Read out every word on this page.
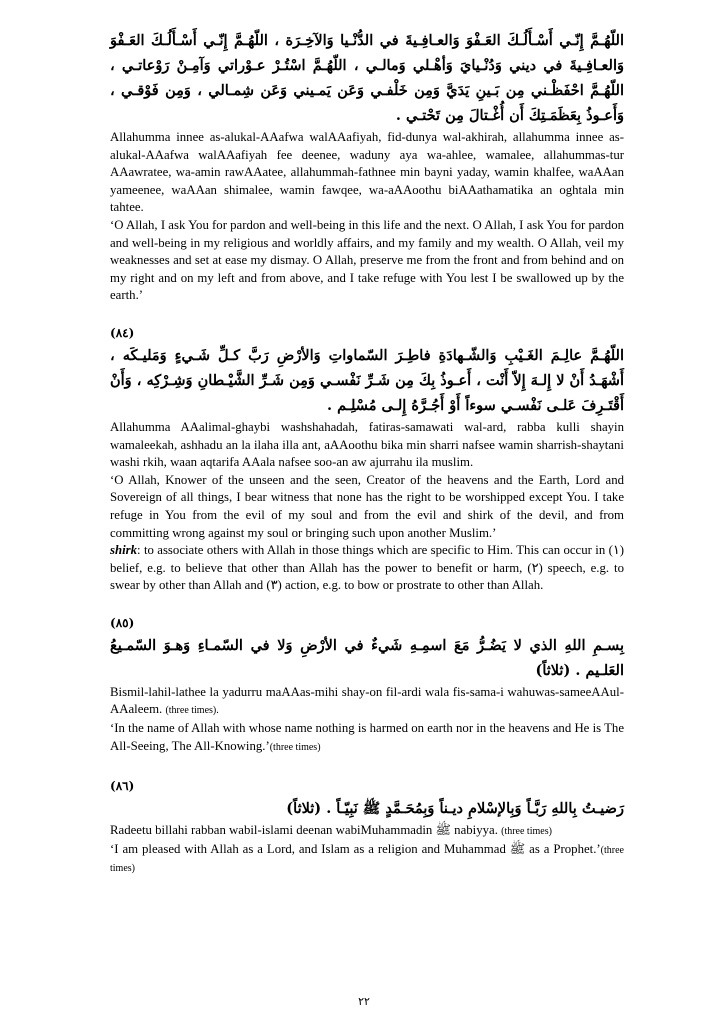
اللّهُـمَّ إِنّـي أَسْـأَلُـكَ العَـفْوَ وَالعـافِـيةَ في الدُّنْـيا وَالآخِـرَة ، اللّهُـمَّ إِنّـي أَسْـأَلُـكَ العَـفْوَ وَالعـافِـيةَ في ديني وَدُنْـيايَ وَأهْـلي وَمالـي ، اللّهُـمَّ اسْتُـرْ عـوْراتي وَآمِـنْ رَوْعاتـي ، اللّهُـمَّ احْفَظْـني مِن بَـينِ يَدَيَّ وَمِن خَلْفـي وَعَن يَمـيني وَعَن شِمـالي ، وَمِن فَوْقـي ، وَأَعـوذُ بِعَظَمَـتِكَ أَن أُغْـتالَ مِن تَحْتـي .

Allahumma innee as-alukal-AAafwa walAAafiyah, fid-dunya wal-akhirah, allahumma innee as-alukal-AAafwa walAAafiyah fee deenee, waduny aya wa-ahlee, wamalee, allahummas-tur AAawratee, wa-amin rawAAatee, allahummah-fathnee min bayni yaday, wamin khalfee, waAAan yameenee, waAAan shimalee, wamin fawqee, wa-aAAoothu biAAathamatika an oghtala min tahtee.

‘O Allah, I ask You for pardon and well-being in this life and the next. O Allah, I ask You for pardon and well-being in my religious and worldly affairs, and my family and my wealth. O Allah, veil my weaknesses and set at ease my dismay. O Allah, preserve me from the front and from behind and on my right and on my left and from above, and I take refuge with You lest I be swallowed up by the earth.’

(٨٤)

اللّهُـمَّ عالِـمَ الغَـيْبِ وَالشّـهادَةِ فاطِـرَ السّماواتِ وَالأرْضِ رَبَّ كـلِّ شَـيءٍ وَمَليـكَه ، أَشْهَـدُ أَنْ لا إِلـهَ إِلاّ أَنْت ، أَعـوذُ بِكَ مِن شَـرِّ نَفْسـي وَمِن شَـرِّ الشَّيْـطانِ وَشِـرْكِه ، وَأَنْ أَقْتَـرِفَ عَلـى نَفْسـي سوءاً أَوْ أَجُـرَّهُ إِلـى مُسْلِـم .

Allahumma AAalimal-ghaybi washshahadah, fatiras-samawati wal-ard, rabba kulli shayin wamaleekah, ashhadu an la ilaha illa ant, aAAoothu bika min sharri nafsee wamin sharrish-shaytani washi rkih, waan aqtarifa AAala nafsee soo-an aw ajurrahu ila muslim.

‘O Allah, Knower of the unseen and the seen, Creator of the heavens and the Earth, Lord and Sovereign of all things, I bear witness that none has the right to be worshipped except You. I take refuge in You from the evil of my soul and from the evil and shirk of the devil, and from committing wrong against my soul or bringing such upon another Muslim.’

shirk: to associate others with Allah in those things which are specific to Him. This can occur in (١) belief, e.g. to believe that other than Allah has the power to benefit or harm, (٢) speech, e.g. to swear by other than Allah and (٣) action, e.g. to bow or prostrate to other than Allah.

(٨٥)

بِسـمِ اللهِ الذي لا يَضُـرُّ مَعَ اسمِـهِ شَيءٌ في الأرْضِ وَلا في السّمـاءِ وَهـوَ السّمـيعُ العَلـيم . (ثلاثاً)

Bismil-lahil-lathee la yadurru maAAas-mihi shay-on fil-ardi wala fis-sama-i wahuwas-sameeAAul-AAaleem. (three times).

‘In the name of Allah with whose name nothing is harmed on earth nor in the heavens and He is The All-Seeing, The All-Knowing.’(three times)

(٨٦)

رَضيـتُ بِاللهِ رَبَّـاً وَبِالإسْلامِ ديـناً وَبِمُحَـمَّدٍ ﷺ نَبِيّـاً . (ثلاثاً)

Radeetu billahi rabban wabil-islami deenan wabiMuhammadin ﷺ nabiyya. (three times)

‘I am pleased with Allah as a Lord, and Islam as a religion and Muhammad ﷺ as a Prophet.’(three times)

٢٢
